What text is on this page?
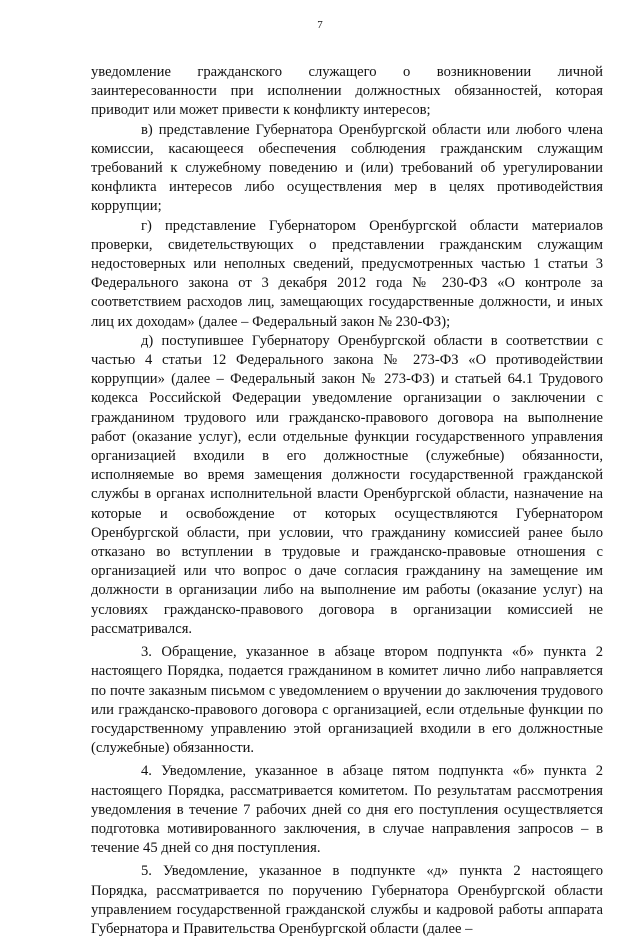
7

уведомление гражданского служащего о возникновении личной заинтересованности при исполнении должностных обязанностей, которая приводит или может привести к конфликту интересов;

в) представление Губернатора Оренбургской области или любого члена комиссии, касающееся обеспечения соблюдения гражданским служащим требований к служебному поведению и (или) требований об урегулировании конфликта интересов либо осуществления мер в целях противодействия коррупции;

г) представление Губернатором Оренбургской области материалов проверки, свидетельствующих о представлении гражданским служащим недостоверных или неполных сведений, предусмотренных частью 1 статьи 3 Федерального закона от 3 декабря 2012 года № 230-ФЗ «О контроле за соответствием расходов лиц, замещающих государственные должности, и иных лиц их доходам» (далее – Федеральный закон № 230-ФЗ);

д) поступившее Губернатору Оренбургской области в соответствии с частью 4 статьи 12 Федерального закона № 273-ФЗ «О противодействии коррупции» (далее – Федеральный закон № 273-ФЗ) и статьей 64.1 Трудового кодекса Российской Федерации уведомление организации о заключении с гражданином трудового или гражданско-правового договора на выполнение работ (оказание услуг), если отдельные функции государственного управления организацией входили в его должностные (служебные) обязанности, исполняемые во время замещения должности государственной гражданской службы в органах исполнительной власти Оренбургской области, назначение на которые и освобождение от которых осуществляются Губернатором Оренбургской области, при условии, что гражданину комиссией ранее было отказано во вступлении в трудовые и гражданско-правовые отношения с организацией или что вопрос о даче согласия гражданину на замещение им должности в организации либо на выполнение им работы (оказание услуг) на условиях гражданско-правового договора в организации комиссией не рассматривался.

3. Обращение, указанное в абзаце втором подпункта «б» пункта 2 настоящего Порядка, подается гражданином в комитет лично либо направляется по почте заказным письмом с уведомлением о вручении до заключения трудового или гражданско-правового договора с организацией, если отдельные функции по государственному управлению этой организацией входили в его должностные (служебные) обязанности.

4. Уведомление, указанное в абзаце пятом подпункта «б» пункта 2 настоящего Порядка, рассматривается комитетом. По результатам рассмотрения уведомления в течение 7 рабочих дней со дня его поступления осуществляется подготовка мотивированного заключения, в случае направления запросов – в течение 45 дней со дня поступления.

5. Уведомление, указанное в подпункте «д» пункта 2 настоящего Порядка, рассматривается по поручению Губернатора Оренбургской области управлением государственной гражданской службы и кадровой работы аппарата Губернатора и Правительства Оренбургской области (далее –
